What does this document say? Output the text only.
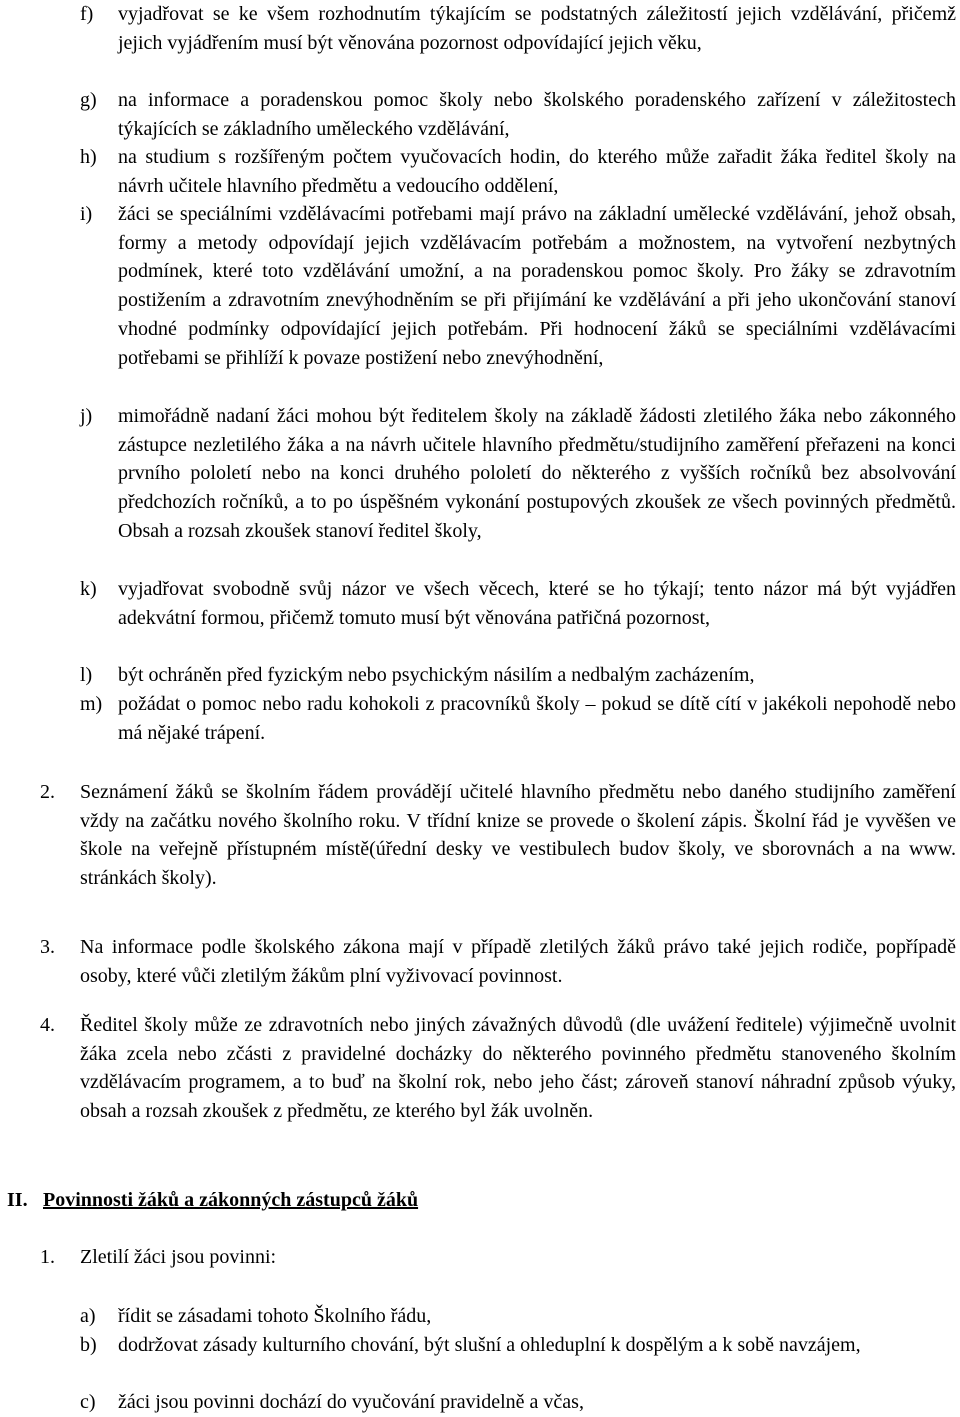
f)	vyjadřovat se ke všem rozhodnutím týkajícím se podstatných záležitostí jejich vzdělávání, přičemž jejich vyjádřením musí být věnována pozornost odpovídající jejich věku,
g)	na informace a poradenskou pomoc školy nebo školského poradenského zařízení v záležitostech týkajících se základního uměleckého vzdělávání,
h)	na studium s rozšířeným počtem vyučovacích hodin, do kterého může zařadit žáka ředitel školy na návrh učitele hlavního předmětu a vedoucího oddělení,
i)	žáci se speciálními vzdělávacími potřebami mají právo na základní umělecké vzdělávání, jehož obsah, formy a metody odpovídají jejich vzdělávacím potřebám a možnostem, na vytvoření nezbytných podmínek, které toto vzdělávání umožní, a na poradenskou pomoc školy. Pro žáky se zdravotním postižením a zdravotním znevýhodněním se při přijímání ke vzdělávání a při jeho ukončování stanoví vhodné podmínky odpovídající jejich potřebám. Při hodnocení žáků se speciálními vzdělávacími potřebami se přihlíží k povaze postižení nebo znevýhodnění,
j)	mimořádně nadaní žáci mohou být ředitelem školy na základě žádosti zletilého žáka nebo zákonného zástupce nezletilého žáka a na návrh učitele hlavního předmětu/studijního zaměření přeřazeni na konci prvního pololetí nebo na konci druhého pololetí do některého z vyšších ročníků bez absolvování předchozích ročníků, a to po úspěšném vykonání postupových zkoušek ze všech povinných předmětů. Obsah a rozsah zkoušek stanoví ředitel školy,
k)	vyjadřovat svobodně svůj názor ve všech věcech, které se ho týkají; tento názor má být vyjádřen adekvátní formou, přičemž tomuto musí být věnována patřičná pozornost,
l)	být ochráněn před fyzickým nebo psychickým násilím a nedbalým zacházením,
m) požádat o pomoc nebo radu kohokoli z pracovníků školy – pokud se dítě cítí v jakékoli nepohodě nebo má nějaké trápení.
2.	Seznámení žáků se školním řádem provádějí učitelé hlavního předmětu nebo daného studijního zaměření vždy na začátku nového školního roku. V třídní knize se provede o školení zápis. Školní řád je vyvěšen ve škole na veřejně přístupném místě(úřední desky ve vestibulech budov školy, ve sborovnách a na www. stránkách školy).
3.	Na informace podle školského zákona mají v případě zletilých žáků právo také jejich rodiče, popřípadě osoby, které vůči zletilým žákům plní vyživovací povinnost.
4.	Ředitel školy může ze zdravotních nebo jiných závažných důvodů (dle uvážení ředitele) výjimečně uvolnit žáka zcela nebo zčásti z pravidelné docházky do některého povinného předmětu stanoveného školním vzdělávacím programem, a to buď na školní rok, nebo jeho část; zároveň stanoví náhradní způsob výuky, obsah a rozsah zkoušek z předmětu, ze kterého byl žák uvolněn.
II. Povinnosti žáků a zákonných zástupců žáků
1.	Zletilí žáci jsou povinni:
a)	řídit se zásadami tohoto Školního řádu,
b)	dodržovat zásady kulturního chování, být slušní a ohleduplní k dospělým a k sobě navzájem,
c)	žáci jsou povinni dochází do vyučování pravidelně a včas,
